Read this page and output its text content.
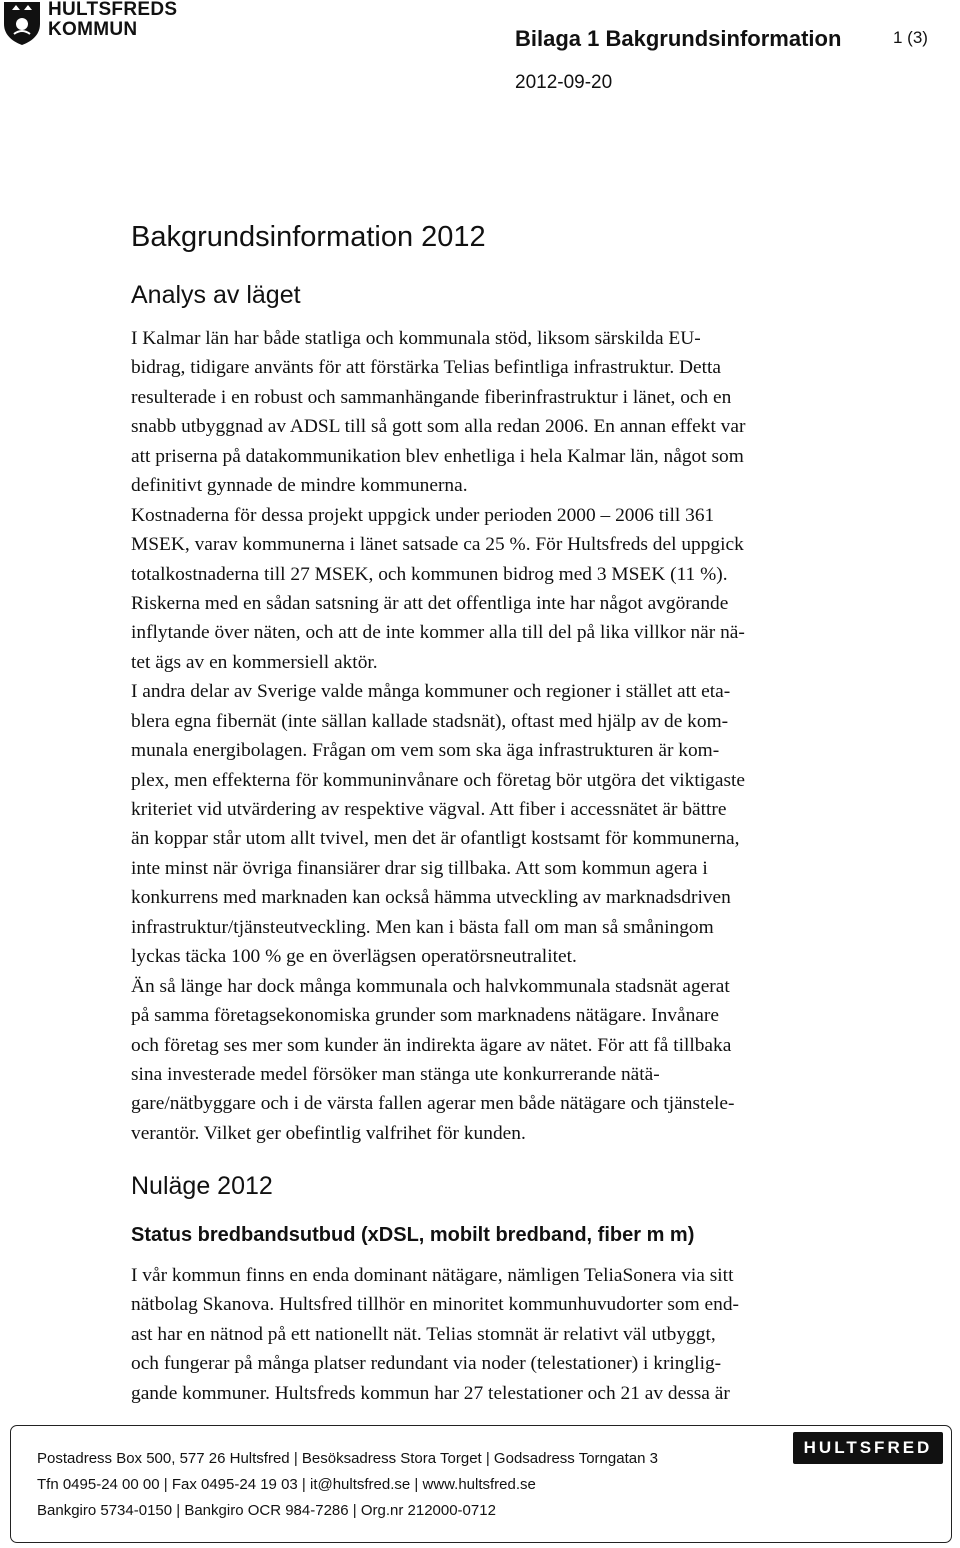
HULTSFREDS
KOMMUN	Bilaga 1 Bakgrundsinformation	1 (3)
2012-09-20
Bakgrundsinformation 2012
Analys av läget
I Kalmar län har både statliga och kommunala stöd, liksom särskilda EU-
bidrag, tidigare använts för att förstärka Telias befintliga infrastruktur. Detta
resulterade i en robust och sammanhängande fiberinfrastruktur i länet, och en
snabb utbyggnad av ADSL till så gott som alla redan 2006. En annan effekt var
att priserna på datakommunikation blev enhetliga i hela Kalmar län, något som
definitivt gynnade de mindre kommunerna.
Kostnaderna för dessa projekt uppgick under perioden 2000 – 2006 till 361
MSEK, varav kommunerna i länet satsade ca 25 %. För Hultsfreds del uppgick
totalkostnaderna till 27 MSEK, och kommunen bidrog med 3 MSEK (11 %).
Riskerna med en sådan satsning är att det offentliga inte har något avgörande
inflytande över näten, och att de inte kommer alla till del på lika villkor när nä-
tet ägs av en kommersiell aktör.
I andra delar av Sverige valde många kommuner och regioner i stället att eta-
blera egna fibernät (inte sällan kallade stadsnät), oftast med hjälp av de kom-
munala energibolagen. Frågan om vem som ska äga infrastrukturen är kom-
plex, men effekterna för kommuninvånare och företag bör utgöra det viktigaste
kriteriet vid utvärdering av respektive vägval. Att fiber i accessnätet är bättre
än koppar står utom allt tvivel, men det är ofantligt kostsamt för kommunerna,
inte minst när övriga finansiärer drar sig tillbaka. Att som kommun agera i
konkurrens med marknaden kan också hämma utveckling av marknadsdriven
infrastruktur/tjänsteutveckling. Men kan i bästa fall om man så småningom
lyckas täcka 100 % ge en överlägsen operatörsneutralitet.
Än så länge har dock många kommunala och halvkommunala stadsnät agerat
på samma företagsekonomiska grunder som marknadens nätägare. Invånare
och företag ses mer som kunder än indirekta ägare av nätet. För att få tillbaka
sina investerade medel försöker man stänga ute konkurrerande nätä-
gare/nätbyggare och i de värsta fallen agerar men både nätägare och tjänstele-
verantör. Vilket ger obefintlig valfrihet för kunden.
Nuläge 2012
Status bredbandsutbud (xDSL, mobilt bredband, fiber m m)
I vår kommun finns en enda dominant nätägare, nämligen TeliaSonera via sitt
nätbolag Skanova. Hultsfred tillhör en minoritet kommunhuvudorter som end-
ast har en nätnod på ett nationellt nät. Telias stomnät är relativt väl utbyggt,
och fungerar på många platser redundant via noder (telestationer) i kringlig-
gande kommuner. Hultsfreds kommun har 27 telestationer och 21 av dessa är
Postadress Box 500, 577 26 Hultsfred | Besöksadress Stora Torget | Godsadress Torngatan 3
Tfn 0495-24 00 00 | Fax 0495-24 19 03 | it@hultsfred.se | www.hultsfred.se
Bankgiro 5734-0150 | Bankgiro OCR 984-7286 | Org.nr 212000-0712
HULTSFRED
